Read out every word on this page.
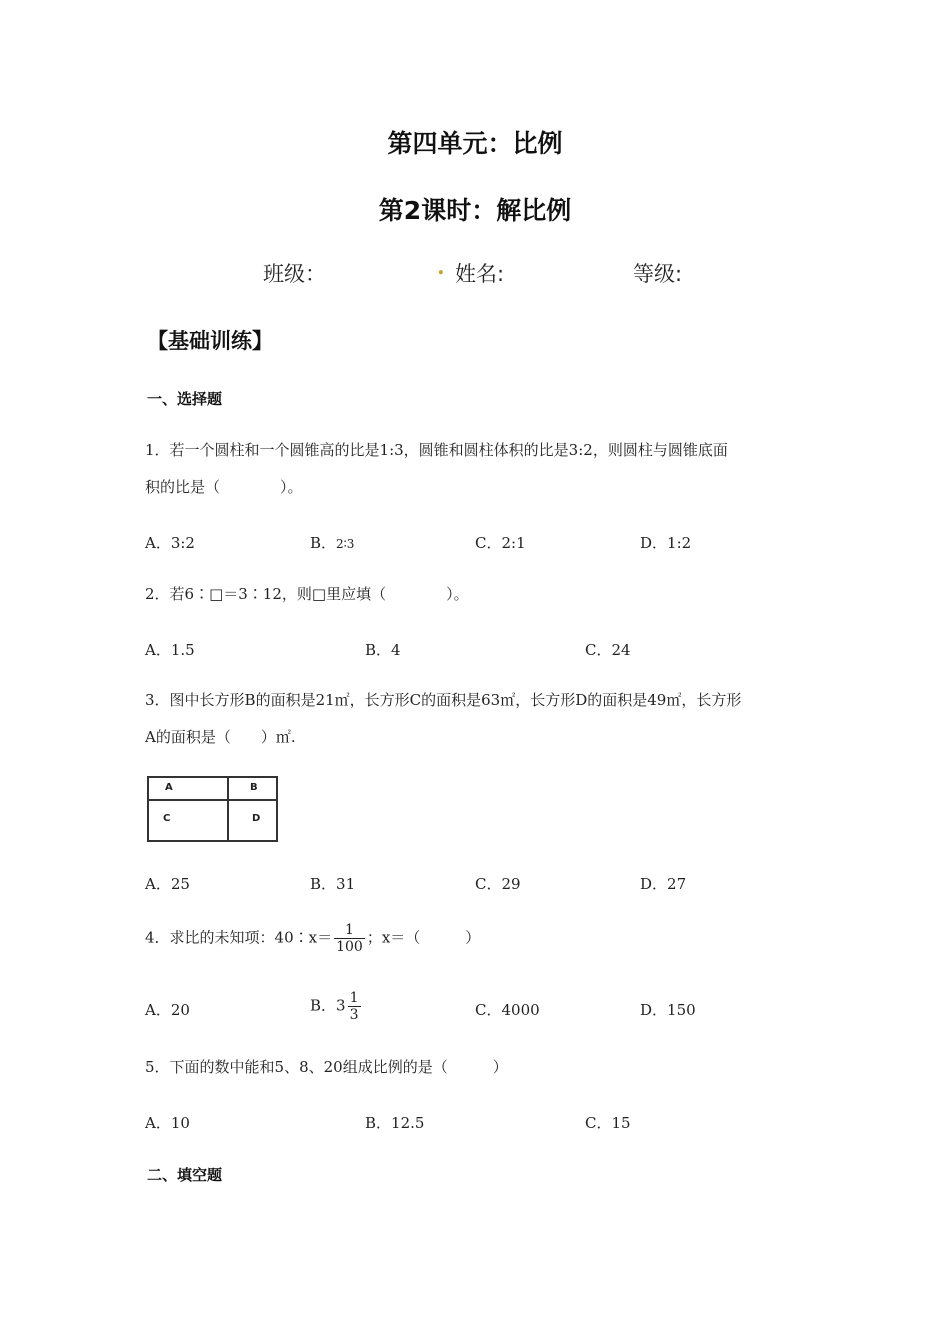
第四单元：比例
第2课时：解比例
班级：	. 姓名:	等级:
【基础训练】
一、选择题
1．若一个圆柱和一个圆锥高的比是1:3，圆锥和圆柱体积的比是3:2，则圆柱与圆锥底面
积的比是（　　　　）。
A．3:2	B．2∶3	C．2:1	D．1:2
2．若6∶□＝3∶12，则□里应填（　　　　）。
A．1.5	B．4	C．24
3．图中长方形B的面积是21㎡，长方形C的面积是63㎡，长方形D的面积是49㎡，长方形
A的面积是（　　）㎡.
A	B
C	D
A．25	B．31	C．29	D．27
4．求比的未知项：40∶x＝ $\frac{1}{100}$ ；x＝（　　　）
A．20	B．$3 \frac{1}{3}$	C．4000	D．150
5．下面的数中能和5、8、20组成比例的是（　　　）
A．10	B．12.5	C．15
二、填空题
